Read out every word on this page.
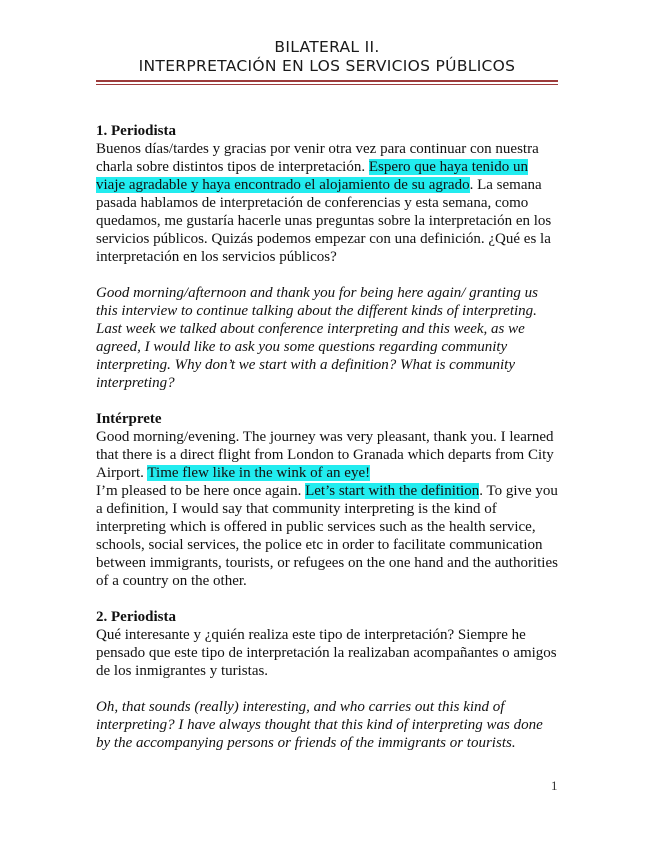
BILATERAL II.
INTERPRETACIÓN EN LOS SERVICIOS PÚBLICOS

1. Periodista

Buenos días/tardes y gracias por venir otra vez para continuar con nuestra charla sobre distintos tipos de interpretación. Espero que haya tenido un viaje agradable y haya encontrado el alojamiento de su agrado. La semana pasada hablamos de interpretación de conferencias y esta semana, como quedamos, me gustaría hacerle unas preguntas sobre la interpretación en los servicios públicos. Quizás podemos empezar con una definición. ¿Qué es la interpretación en los servicios públicos?

Good morning/afternoon and thank you for being here again/ granting us this interview to continue talking about the different kinds of interpreting. Last week we talked about conference interpreting and this week, as we agreed, I would like to ask you some questions regarding community interpreting. Why don’t we start with a definition? What is community interpreting?

Intérprete

Good morning/evening. The journey was very pleasant, thank you. I learned that there is a direct flight from London to Granada which departs from City Airport. Time flew like in the wink of an eye!

I’m pleased to be here once again. Let’s start with the definition. To give you a definition, I would say that community interpreting is the kind of interpreting which is offered in public services such as the health service, schools, social services, the police etc in order to facilitate communication between immigrants, tourists, or refugees on the one hand and the authorities of a country on the other.

2. Periodista

Qué interesante y ¿quién realiza este tipo de interpretación? Siempre he pensado que este tipo de interpretación la realizaban acompañantes o amigos de los inmigrantes y turistas.

Oh, that sounds (really) interesting, and who carries out this kind of interpreting? I have always thought that this kind of interpreting was done by the accompanying persons or friends of the immigrants or tourists.

1
